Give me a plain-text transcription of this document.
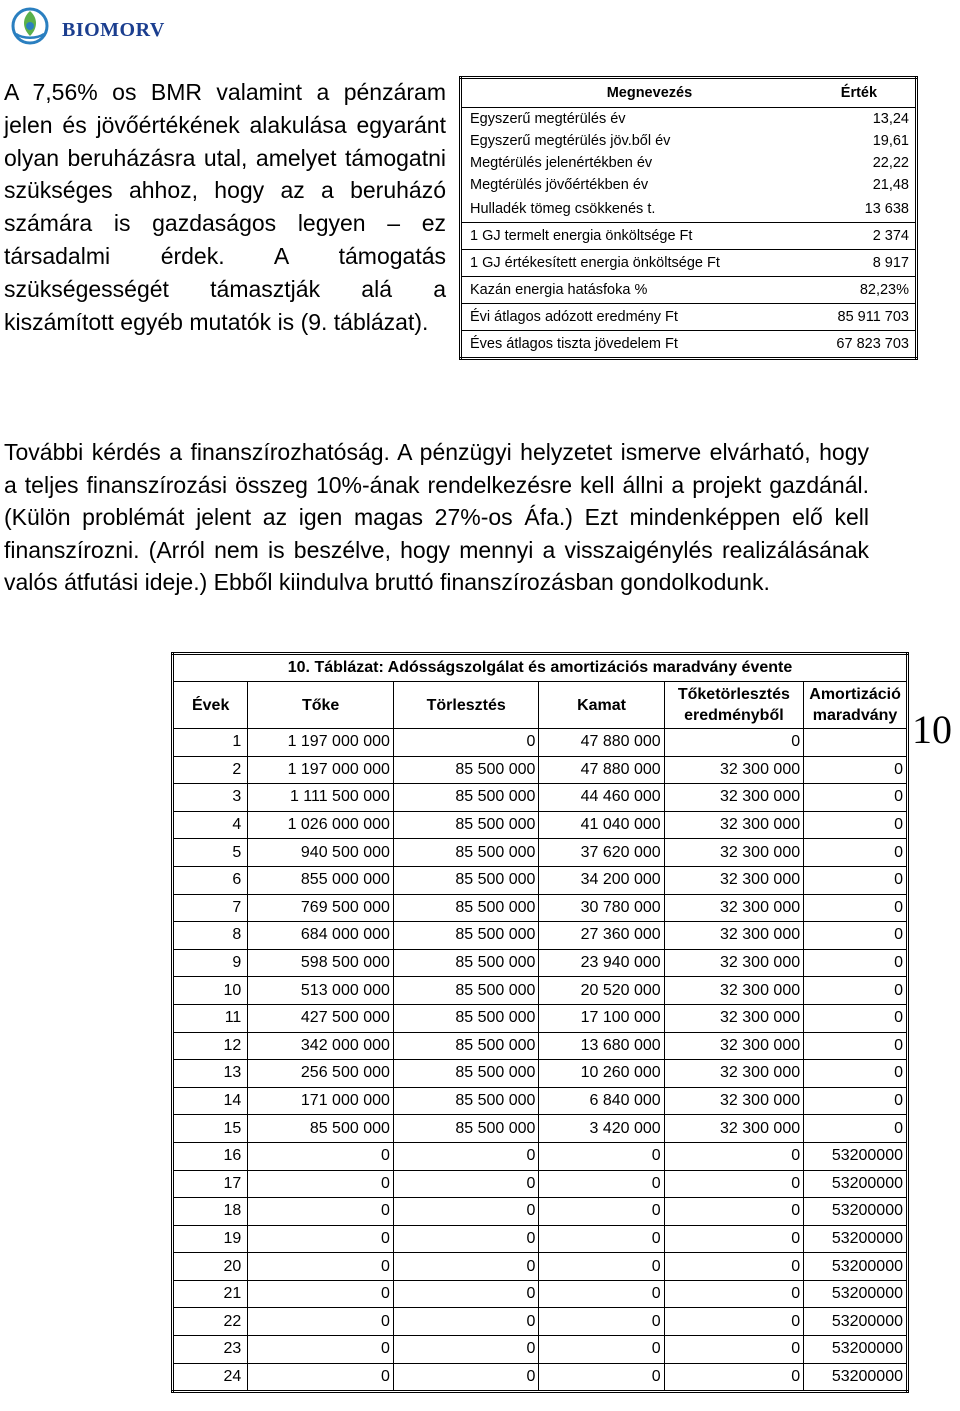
BIOMORV
A 7,56% os BMR valamint a pénzáram jelen és jövőértékének alakulása egyaránt olyan beruházásra utal, amelyet támogatni szükséges ahhoz, hogy az a beruházó számára is gazdaságos legyen – ez társadalmi érdek. A támogatás szükségességét támasztják alá a kiszámított egyéb mutatók is (9. táblázat).
Megnevezés	Érték
Egyszerű megtérülés év	13,24
Egyszerű megtérülés jöv.ből év	19,61
Megtérülés jelenértékben év	22,22
Megtérülés jövőértékben év	21,48
Hulladék tömeg csökkenés t.	13 638
1 GJ termelt energia önköltsége Ft	2 374
1 GJ értékesített energia önköltsége Ft	8 917
Kazán energia hatásfoka %	82,23%
Évi átlagos adózott eredmény Ft	85 911 703
Éves átlagos tiszta jövedelem Ft	67 823 703
További kérdés a finanszírozhatóság. A pénzügyi helyzetet ismerve elvárható, hogy a teljes finanszírozási összeg 10%-ának rendelkezésre kell állni a projekt gazdánál. (Külön problémát jelent az igen magas 27%-os Áfa.) Ezt mindenképpen elő kell finanszírozni. (Arról nem is beszélve, hogy mennyi a visszaigénylés realizálásának valós átfutási ideje.) Ebből kiindulva bruttó finanszírozásban gondolkodunk.
10. Táblázat: Adósságszolgálat és amortizációs maradvány évente					
Évek	Tőke	Törlesztés	Kamat	Tőketörlesztés eredményből	Amortizáció maradvány
1	1 197 000 000	0	47 880 000	0	
2	1 197 000 000	85 500 000	47 880 000	32 300 000	0
3	1 111 500 000	85 500 000	44 460 000	32 300 000	0
4	1 026 000 000	85 500 000	41 040 000	32 300 000	0
5	940 500 000	85 500 000	37 620 000	32 300 000	0
6	855 000 000	85 500 000	34 200 000	32 300 000	0
7	769 500 000	85 500 000	30 780 000	32 300 000	0
8	684 000 000	85 500 000	27 360 000	32 300 000	0
9	598 500 000	85 500 000	23 940 000	32 300 000	0
10	513 000 000	85 500 000	20 520 000	32 300 000	0
11	427 500 000	85 500 000	17 100 000	32 300 000	0
12	342 000 000	85 500 000	13 680 000	32 300 000	0
13	256 500 000	85 500 000	10 260 000	32 300 000	0
14	171 000 000	85 500 000	6 840 000	32 300 000	0
15	85 500 000	85 500 000	3 420 000	32 300 000	0
16	0	0	0	0	53200000
17	0	0	0	0	53200000
18	0	0	0	0	53200000
19	0	0	0	0	53200000
20	0	0	0	0	53200000
21	0	0	0	0	53200000
22	0	0	0	0	53200000
23	0	0	0	0	53200000
24	0	0	0	0	53200000
10
